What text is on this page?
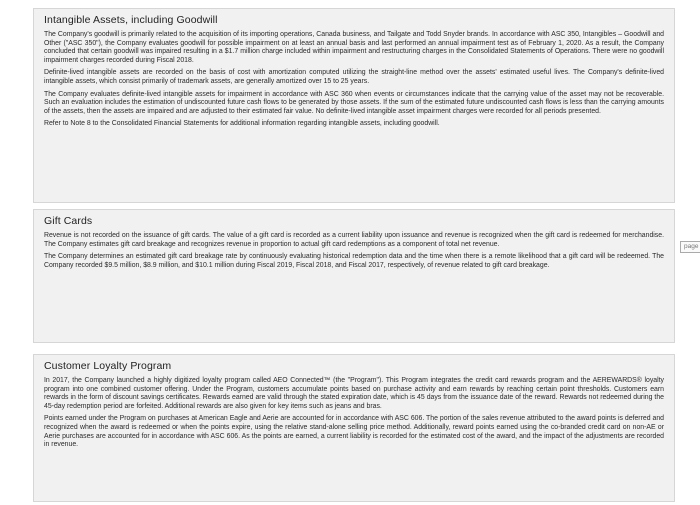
Intangible Assets, including Goodwill

The Company's goodwill is primarily related to the acquisition of its importing operations, Canada business, and Tailgate and Todd Snyder brands. In accordance with ASC 350, Intangibles – Goodwill and Other ("ASC 350"), the Company evaluates goodwill for possible impairment on at least an annual basis and last performed an annual impairment test as of February 1, 2020. As a result, the Company concluded that certain goodwill was impaired resulting in a $1.7 million charge included within impairment and restructuring charges in the Consolidated Statements of Operations. There were no goodwill impairment charges recorded during Fiscal 2018.

Definite-lived intangible assets are recorded on the basis of cost with amortization computed utilizing the straight-line method over the assets' estimated useful lives. The Company's definite-lived intangible assets, which consist primarily of trademark assets, are generally amortized over 15 to 25 years.

The Company evaluates definite-lived intangible assets for impairment in accordance with ASC 360 when events or circumstances indicate that the carrying value of the asset may not be recoverable. Such an evaluation includes the estimation of undiscounted future cash flows to be generated by those assets. If the sum of the estimated future undiscounted cash flows is less than the carrying amounts of the assets, then the assets are impaired and are adjusted to their estimated fair value. No definite-lived intangible asset impairment charges were recorded for all periods presented.

Refer to Note 8 to the Consolidated Financial Statements for additional information regarding intangible assets, including goodwill.

Gift Cards

Revenue is not recorded on the issuance of gift cards. The value of a gift card is recorded as a current liability upon issuance and revenue is recognized when the gift card is redeemed for merchandise. The Company estimates gift card breakage and recognizes revenue in proportion to actual gift card redemptions as a component of total net revenue.

The Company determines an estimated gift card breakage rate by continuously evaluating historical redemption data and the time when there is a remote likelihood that a gift card will be redeemed. The Company recorded $9.5 million, $8.9 million, and $10.1 million during Fiscal 2019, Fiscal 2018, and Fiscal 2017, respectively, of revenue related to gift card breakage.

page
Customer Loyalty Program

In 2017, the Company launched a highly digitized loyalty program called AEO Connected™ (the "Program"). This Program integrates the credit card rewards program and the AEREWARDS® loyalty program into one combined customer offering. Under the Program, customers accumulate points based on purchase activity and earn rewards by reaching certain point thresholds. Customers earn rewards in the form of discount savings certificates. Rewards earned are valid through the stated expiration date, which is 45 days from the issuance date of the reward. Rewards not redeemed during the 45-day redemption period are forfeited. Additional rewards are also given for key items such as jeans and bras.

Points earned under the Program on purchases at American Eagle and Aerie are accounted for in accordance with ASC 606. The portion of the sales revenue attributed to the award points is deferred and recognized when the award is redeemed or when the points expire, using the relative stand-alone selling price method. Additionally, reward points earned using the co-branded credit card on non-AE or Aerie purchases are accounted for in accordance with ASC 606. As the points are earned, a current liability is recorded for the estimated cost of the award, and the impact of the adjustments are recorded in revenue.
